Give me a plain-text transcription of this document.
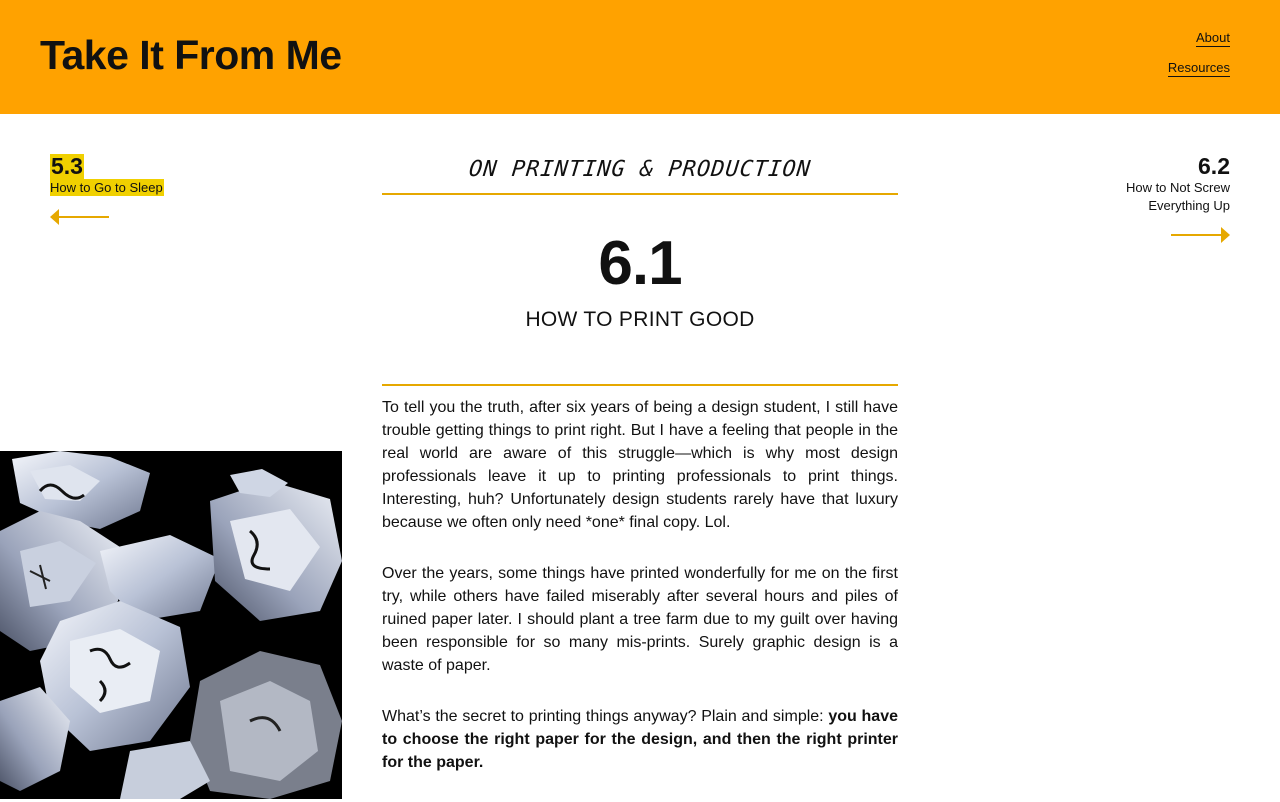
Take It From Me	About
Resources
5.3
How to Go to Sleep
6.2
How to Not Screw Everything Up
ON PRINTING & PRODUCTION
6.1
HOW TO PRINT GOOD

To tell you the truth, after six years of being a design student, I still have trouble getting things to print right. But I have a feeling that people in the real world are aware of this struggle—which is why most design professionals leave it up to printing professionals to print things. Interesting, huh? Unfortunately design students rarely have that luxury because we often only need *one* final copy. Lol.

Over the years, some things have printed wonderfully for me on the first try, while others have failed miserably after several hours and piles of ruined paper later. I should plant a tree farm due to my guilt over having been responsible for so many mis-prints. Surely graphic design is a waste of paper.

What’s the secret to printing things anyway? Plain and simple: you have to choose the right paper for the design, and then the right printer for the paper.
